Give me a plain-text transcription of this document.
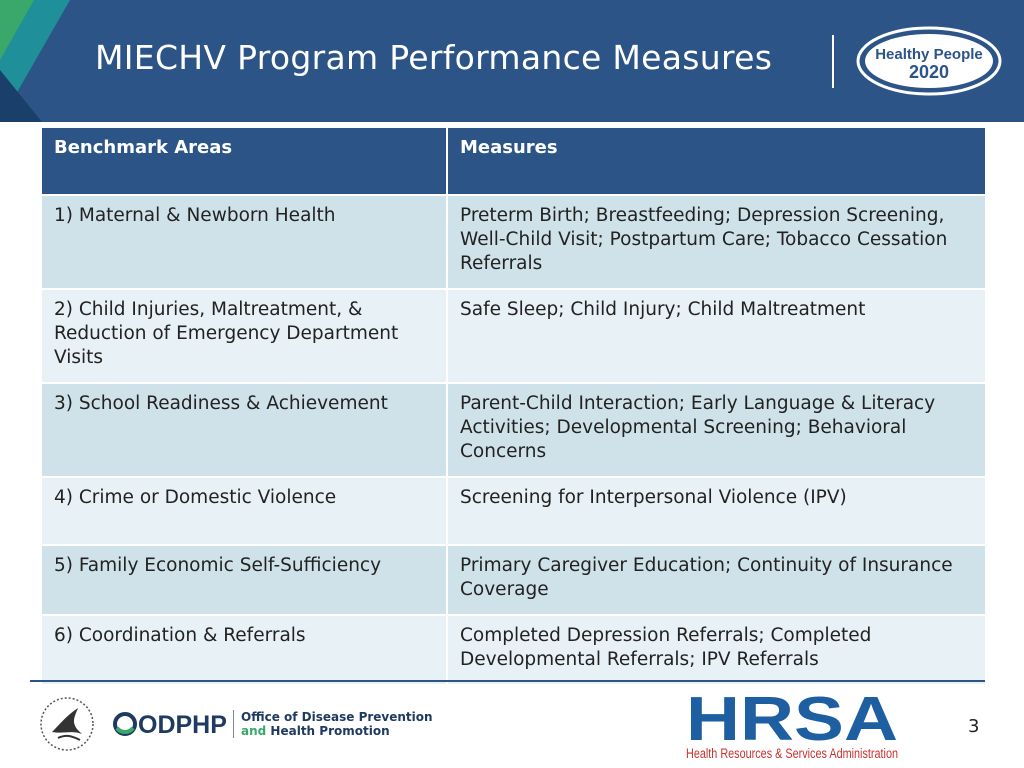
MIECHV Program Performance Measures	Healthy People
2020
Benchmark Areas	Measures
1) Maternal & Newborn Health	Preterm Birth; Breastfeeding; Depression Screening, Well-Child Visit; Postpartum Care; Tobacco Cessation Referrals
2) Child Injuries, Maltreatment, & Reduction of Emergency Department Visits	Safe Sleep; Child Injury; Child Maltreatment
3) School Readiness & Achievement	Parent-Child Interaction; Early Language & Literacy Activities; Developmental Screening; Behavioral Concerns
4) Crime or Domestic Violence	Screening for Interpersonal Violence (IPV)
5) Family Economic Self-Sufficiency	Primary Caregiver Education; Continuity of Insurance Coverage
6) Coordination & Referrals	Completed Depression Referrals; Completed Developmental Referrals; IPV Referrals
ODPHP Office of Disease Prevention
and Health Promotion	HRSA
Health Resources & Services Administration
3
